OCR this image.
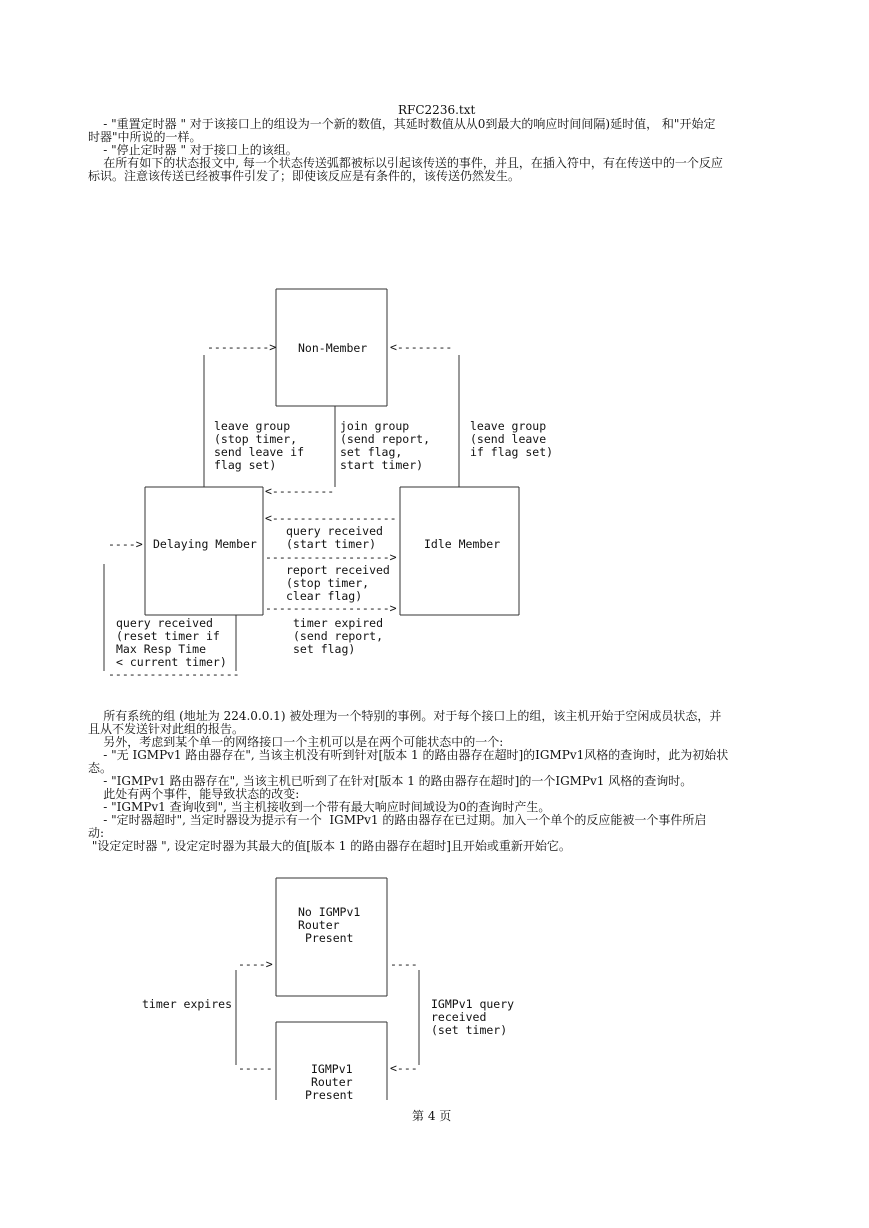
RFC2236.txt
- "重置定时器 " 对于该接口上的组设为一个新的数值，其延时数值从从0到最大的响应时间间隔)延时值， 和"开始定
时器"中所说的一样。
- "停止定时器 " 对于接口上的该组。
在所有如下的状态报文中, 每一个状态传送弧都被标以引起该传送的事件，并且，在插入符中，有在传送中的一个反应
标识。注意该传送已经被事件引发了；即使该反应是有条件的，该传送仍然发生。
Non-Member
--------->	<--------
leave group
(stop timer,
send leave if
flag set)
join group
(send report,
set flag,
start timer)
leave group
(send leave
if flag set)
Delaying Member	Idle Member
<---------
<------------------
query received
(start timer)
------------------>
report received
(stop timer,
clear flag)
------------------>
timer expired
(send report,
set flag)
---->
-------------------
query received
(reset timer if
Max Resp Time
< current timer)
所有系统的组 (地址为 224.0.0.1) 被处理为一个特别的事例。对于每个接口上的组，该主机开始于空闲成员状态，并
且从不发送针对此组的报告。
另外，考虑到某个单一的网络接口一个主机可以是在两个可能状态中的一个:
- "无 IGMPv1 路由器存在", 当该主机没有听到针对[版本 1 的路由器存在超时]的IGMPv1风格的查询时，此为初始状
态。
- "IGMPv1 路由器存在", 当该主机已听到了在针对[版本 1 的路由器存在超时]的一个IGMPv1 风格的查询时。
此处有两个事件，能导致状态的改变:
- "IGMPv1 查询收到", 当主机接收到一个带有最大响应时间域设为0的查询时产生。
- "定时器超时", 当定时器设为提示有一个  IGMPv1 的路由器存在已过期。加入一个单个的反应能被一个事件所启
动:
"设定定时器 ", 设定定时器为其最大的值[版本 1 的路由器存在超时]且开始或重新开始它。
No IGMPv1
Router
Present
---->	----
timer expires	IGMPv1 query
received
(set timer)
IGMPv1
Router
Present
-----	<---
第 4 页
